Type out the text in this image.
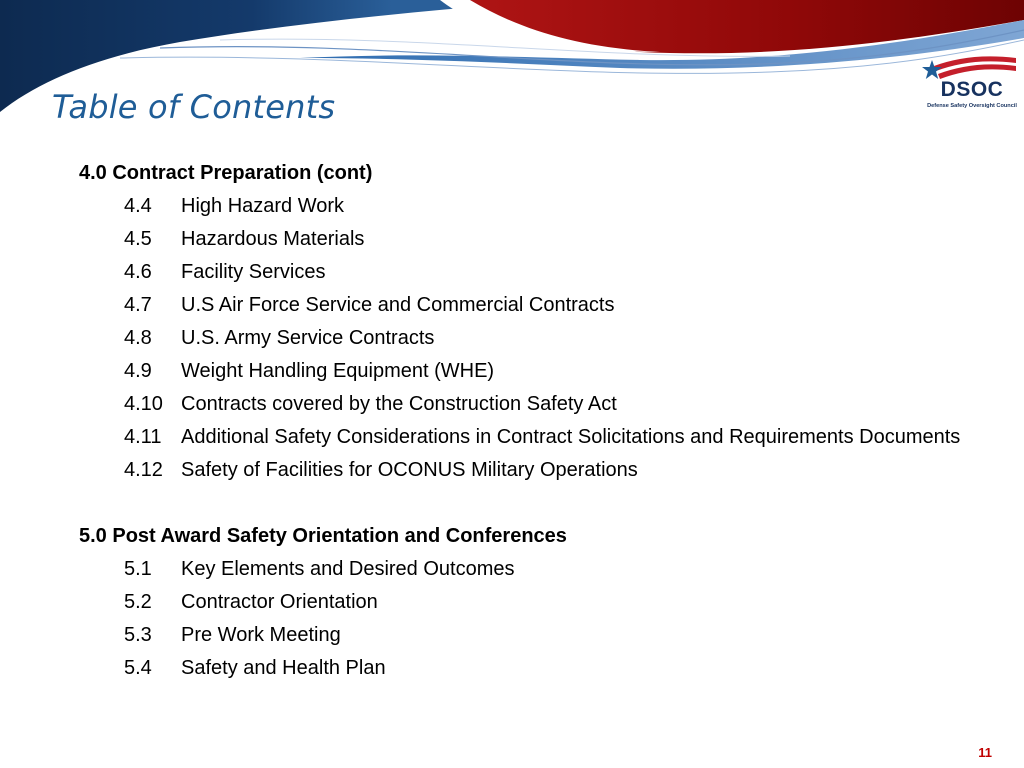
DSOC
Defense Safety Oversight Council
Table of Contents
4.0 Contract Preparation (cont)
4.4	High Hazard Work
4.5	Hazardous Materials
4.6	Facility Services
4.7	U.S Air Force Service and Commercial Contracts
4.8	U.S. Army Service Contracts
4.9	Weight Handling Equipment (WHE)
4.10 Contracts covered by the Construction Safety Act
4.11 Additional Safety Considerations in Contract Solicitations and Requirements Documents
4.12 Safety of Facilities for OCONUS Military Operations
5.0 Post Award Safety Orientation and Conferences
5.1	Key Elements and Desired Outcomes
5.2	Contractor Orientation
5.3	Pre Work Meeting
5.4	Safety and Health Plan
11
